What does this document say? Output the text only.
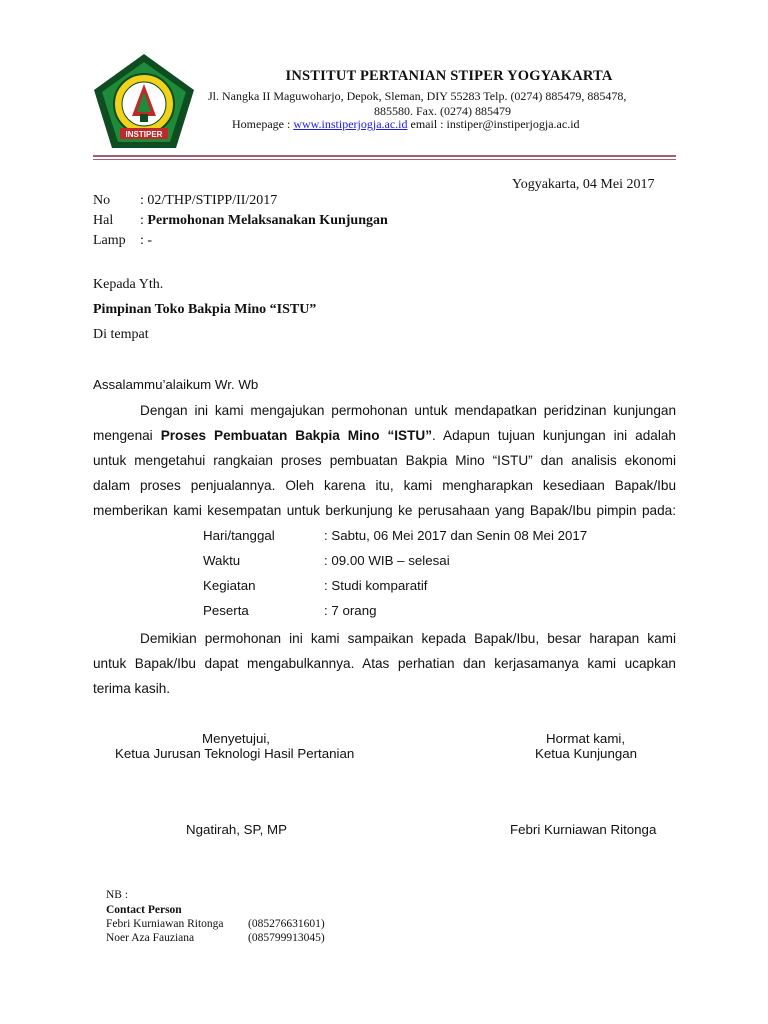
INSTIPER
INSTITUT PERTANIAN STIPER YOGYAKARTA
Jl. Nangka II Maguwoharjo, Depok, Sleman, DIY 55283 Telp. (0274) 885479, 885478,
885580. Fax. (0274) 885479
Homepage : www.instiperjogja.ac.id email : instiper@instiperjogja.ac.id
Yogyakarta, 04 Mei 2017
No : 02/THP/STIPP/II/2017
Hal : Permohonan Melaksanakan Kunjungan
Lamp : -
Kepada Yth.
Pimpinan Toko Bakpia Mino “ISTU”
Di tempat
Assalammu’alaikum Wr. Wb
Dengan ini kami mengajukan permohonan untuk mendapatkan peridzinan kunjungan
mengenai Proses Pembuatan Bakpia Mino “ISTU”. Adapun tujuan kunjungan ini adalah
untuk mengetahui rangkaian proses pembuatan Bakpia Mino “ISTU” dan analisis ekonomi
dalam proses penjualannya. Oleh karena itu, kami mengharapkan kesediaan Bapak/Ibu
memberikan kami kesempatan untuk berkunjung ke perusahaan yang Bapak/Ibu pimpin pada:
Hari/tanggal	: Sabtu, 06 Mei 2017 dan Senin 08 Mei 2017
Waktu	: 09.00 WIB – selesai
Kegiatan	: Studi komparatif
Peserta	: 7 orang
Demikian permohonan ini kami sampaikan kepada Bapak/Ibu, besar harapan kami
untuk Bapak/Ibu dapat mengabulkannya. Atas perhatian dan kerjasamanya kami ucapkan
terima kasih.
Menyetujui,
Ketua Jurusan Teknologi Hasil Pertanian
Ngatirah, SP, MP
Hormat kami,
Ketua Kunjungan
Febri Kurniawan Ritonga
NB :
Contact Person
Febri Kurniawan Ritonga (085276631601)
Noer Aza Fauziana	(085799913045)
